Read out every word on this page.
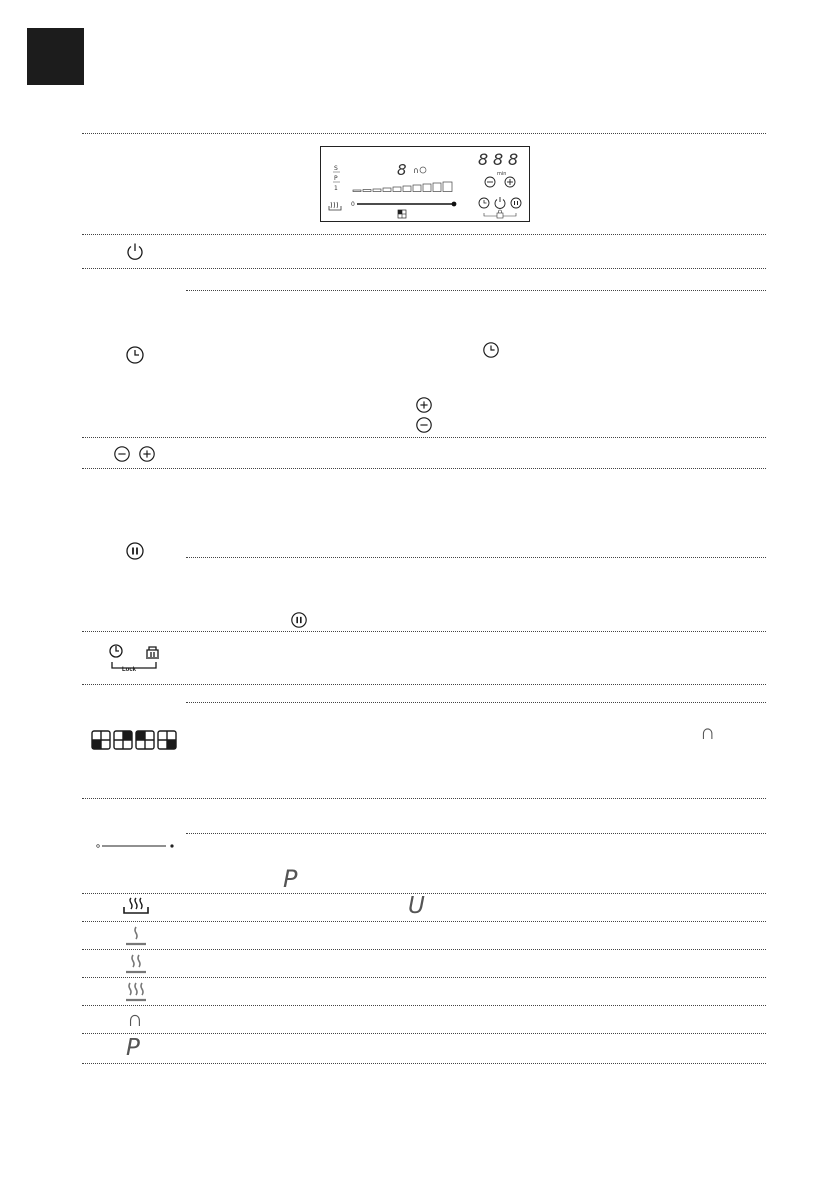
S
P
1
8 ∩
8 8 8
min
0
Lock
∩
P
U
∩
P
